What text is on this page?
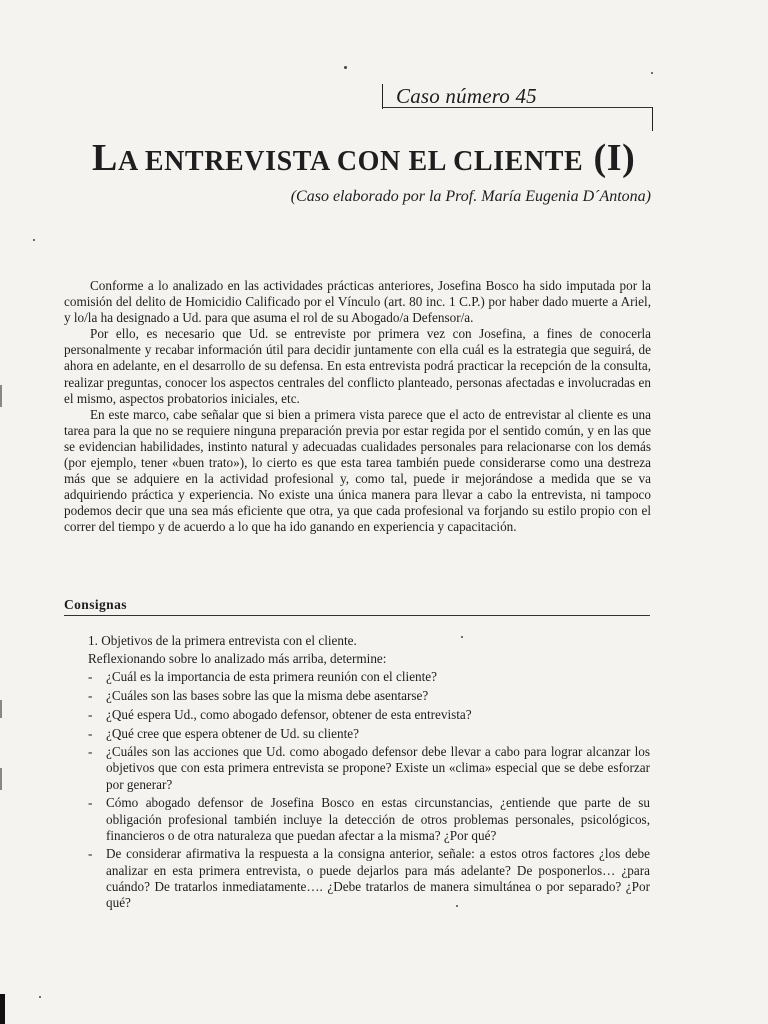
Caso número 45
LA ENTREVISTA CON EL CLIENTE (I)
(Caso elaborado por la Prof. María Eugenia D´Antona)

Conforme a lo analizado en las actividades prácticas anteriores, Josefina Bosco ha sido imputada por la comisión del delito de Homicidio Calificado por el Vínculo (art. 80 inc. 1 C.P.) por haber dado muerte a Ariel, y lo/la ha designado a Ud. para que asuma el rol de su Abogado/a Defensor/a.

Por ello, es necesario que Ud. se entreviste por primera vez con Josefina, a fines de conocerla personalmente y recabar información útil para decidir juntamente con ella cuál es la estrategia que seguirá, de ahora en adelante, en el desarrollo de su defensa. En esta entrevista podrá practicar la recepción de la consulta, realizar preguntas, conocer los aspectos centrales del conflicto planteado, personas afectadas e involucradas en el mismo, aspectos probatorios iniciales, etc.

En este marco, cabe señalar que si bien a primera vista parece que el acto de entrevistar al cliente es una tarea para la que no se requiere ninguna preparación previa por estar regida por el sentido común, y en las que se evidencian habilidades, instinto natural y adecuadas cualidades personales para relacionarse con los demás (por ejemplo, tener «buen trato»), lo cierto es que esta tarea también puede considerarse como una destreza más que se adquiere en la actividad profesional y, como tal, puede ir mejorándose a medida que se va adquiriendo práctica y experiencia. No existe una única manera para llevar a cabo la entrevista, ni tampoco podemos decir que una sea más eficiente que otra, ya que cada profesional va forjando su estilo propio con el correr del tiempo y de acuerdo a lo que ha ido ganando en experiencia y capacitación.

Consignas
1. Objetivos de la primera entrevista con el cliente.
Reflexionando sobre lo analizado más arriba, determine:
- ¿Cuál es la importancia de esta primera reunión con el cliente?
- ¿Cuáles son las bases sobre las que la misma debe asentarse?
- ¿Qué espera Ud., como abogado defensor, obtener de esta entrevista?
- ¿Qué cree que espera obtener de Ud. su cliente?
- ¿Cuáles son las acciones que Ud. como abogado defensor debe llevar a cabo para lograr alcanzar los objetivos que con esta primera entrevista se propone? Existe un «clima» especial que se debe esforzar por generar?
- Cómo abogado defensor de Josefina Bosco en estas circunstancias, ¿entiende que parte de su obligación profesional también incluye la detección de otros problemas personales, psicológicos, financieros o de otra naturaleza que puedan afectar a la misma? ¿Por qué?
- De considerar afirmativa la respuesta a la consigna anterior, señale: a estos otros factores ¿los debe analizar en esta primera entrevista, o puede dejarlos para más adelante? De posponerlos… ¿para cuándo? De tratarlos inmediatamente…. ¿Debe tratarlos de manera simultánea o por separado? ¿Por qué?
